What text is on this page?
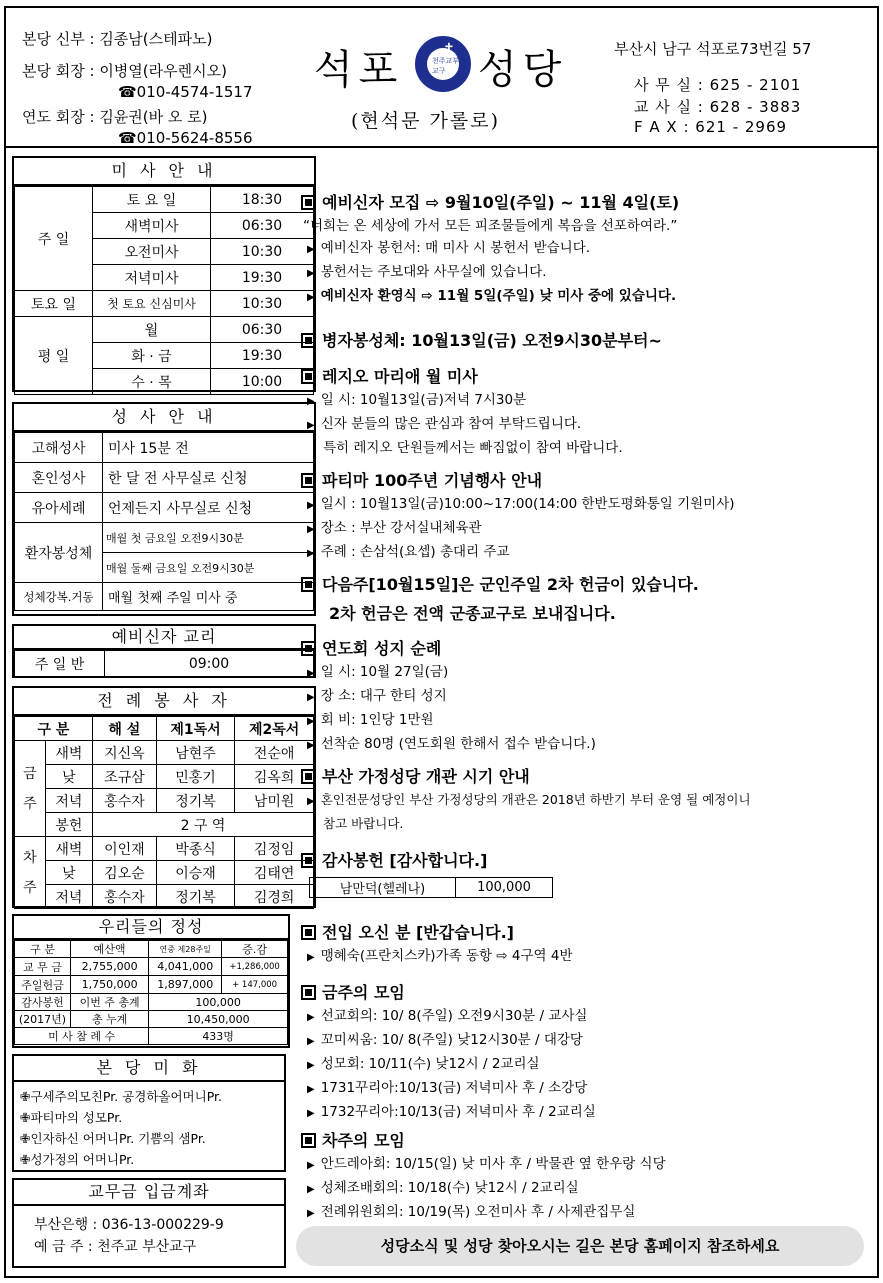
본당 신부 : 김종남(스테파노)
본당 회장 : 이병열(라우렌시오)
☎010-4574-1517
연도 회장 : 김윤권(바 오 로)
☎010-5624-8556
석포	✝
천주교부산교구 성당
(현석문 가롤로)
부산시 남구 석포로73번길 57
사 무 실 : 625 - 2101
교 사 실 : 628 - 3883
F A X : 621 - 2969
미 사 안 내
주 일	토 요 일	18:30
	새벽미사	06:30
	오전미사	10:30
	저녁미사	19:30
토요 일	첫 토요 신심미사	10:30
평 일	월	06:30
	화 · 금	19:30
	수 · 목	10:00
성 사 안 내
고해성사	미사 15분 전
혼인성사	한 달 전 사무실로 신청
유아세례	언제든지 사무실로 신청
환자봉성체	매월 첫 금요일 오전9시30분
	매월 둘째 금요일 오전9시30분
성체강복.거동	매월 첫째 주일 미사 중
예비신자 교리
주 일 반	09:00
전 례 봉 사 자
구 분		해 설	제1독서	제2독서
금
주	새벽	지신옥	남현주	전순애
	낮	조규삼	민홍기	김옥희
	저녁	홍수자	정기복	남미원
	봉헌	2 구 역		
차
주	새벽	이인재	박종식	김정임
	낮	김오순	이승재	김태연
	저녁	홍수자	정기복	김경희
우리들의 정성
구 분	예산액	연중 제28주일	증.감
교 무 금	2,755,000	4,041,000	+1,286,000
주일헌금	1,750,000	1,897,000	+ 147,000
감사봉헌	이번 주 총계	100,000	
(2017년)	총 누계	10,450,000	
미 사 참 례 수		433명	
본 당 미 화
✙구세주의모친Pr. 공경하올어머니Pr.
✙파티마의 성모Pr.
✙인자하신 어머니Pr. 기쁨의 샘Pr.
✙성가정의 어머니Pr.
교무금 입금계좌
부산은행 : 036-13-000229-9
예 금 주 : 천주교 부산교구
예비신자 모집 ⇨ 9월10일(주일) ~ 11월 4일(토)
“너희는 온 세상에 가서 모든 피조물들에게 복음을 선포하여라.”
▶ 예비신자 봉헌서: 매 미사 시 봉헌서 받습니다.
▶ 봉헌서는 주보대와 사무실에 있습니다.
▶ 예비신자 환영식 ⇨ 11월 5일(주일) 낮 미사 중에 있습니다.
병자봉성체: 10월13일(금) 오전9시30분부터~
레지오 마리애 월 미사
▶ 일 시: 10월13일(금)저녁 7시30분
▶ 신자 분들의 많은 관심과 참여 부탁드립니다.
특히 레지오 단원들께서는 빠짐없이 참여 바랍니다.
파티마 100주년 기념행사 안내
▶ 일시 : 10월13일(금)10:00~17:00(14:00 한반도평화통일 기원미사)
▶ 장소 : 부산 강서실내체육관
▶ 주례 : 손삼석(요셉) 총대리 주교
다음주[10월15일]은 군인주일 2차 헌금이 있습니다.
2차 헌금은 전액 군종교구로 보내집니다.
연도회 성지 순례
▶ 일 시: 10월 27일(금)
▶ 장 소: 대구 한티 성지
▶ 회 비: 1인당 1만원
▶ 선착순 80명 (연도회원 한해서 접수 받습니다.)
부산 가정성당 개관 시기 안내
▶ 혼인전문성당인 부산 가정성당의 개관은 2018년 하반기 부터 운영 될 예정이니
참고 바랍니다.
감사봉헌 [감사합니다.]
남만덕(헬레나)	100,000
전입 오신 분 [반갑습니다.]
▶ 맹혜숙(프란치스카)가족 동항 ⇨ 4구역 4반
금주의 모임
▶ 선교회의: 10/ 8(주일) 오전9시30분 / 교사실
▶ 꼬미씨움: 10/ 8(주일) 낮12시30분 / 대강당
▶ 성모회: 10/11(수) 낮12시 / 2교리실
▶ 1731꾸리아:10/13(금) 저녁미사 후 / 소강당
▶ 1732꾸리아:10/13(금) 저녁미사 후 / 2교리실
차주의 모임
▶ 안드레아회: 10/15(일) 낮 미사 후 / 박물관 옆 한우랑 식당
▶ 성체조배회의: 10/18(수) 낮12시 / 2교리실
▶ 전례위원회의: 10/19(목) 오전미사 후 / 사제관집무실
성당소식 및 성당 찾아오시는 길은 본당 홈페이지 참조하세요
